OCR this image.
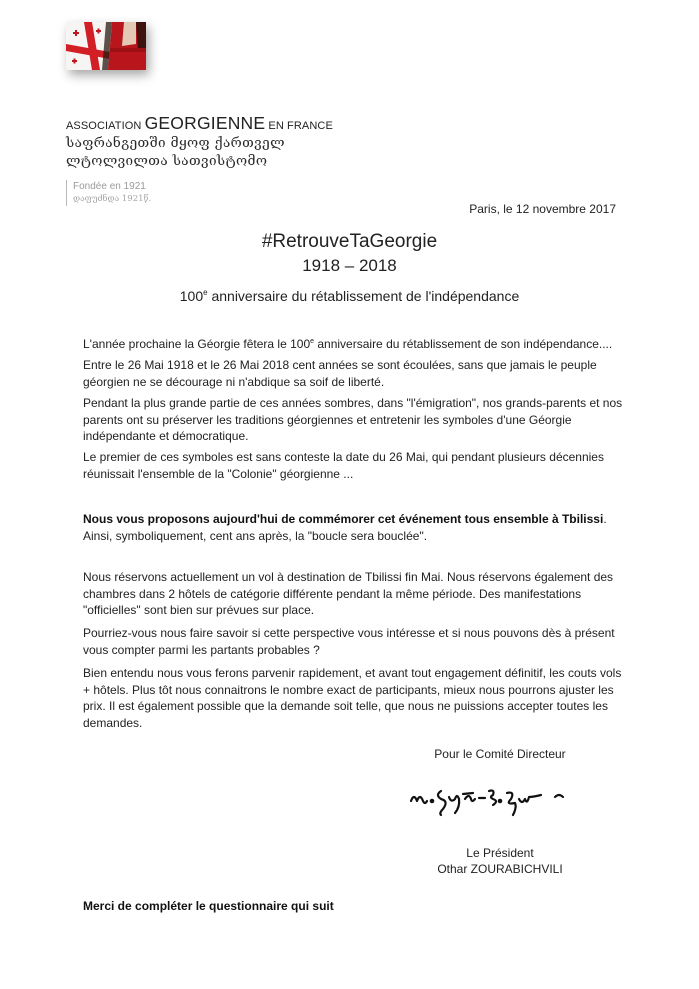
ASSOCIATION GEORGIENNE EN FRANCE
საფრანგეთში მყოფ ქართველ
ლტოლვილთა სათვისტომო
Fondée en 1921
დაფუძნდა 1921წ.
Paris, le 12 novembre 2017
#RetrouveTaGeorgie
1918 – 2018
100e anniversaire du rétablissement de l'indépendance
L'année prochaine la Géorgie fêtera le 100e anniversaire du rétablissement de son indépendance....
Entre le 26 Mai 1918 et le 26 Mai 2018 cent années se sont écoulées, sans que jamais le peuple géorgien ne se décourage ni n'abdique sa soif de liberté.
Pendant la plus grande partie de ces années sombres, dans "l'émigration", nos grands-parents et nos parents ont su préserver les traditions géorgiennes et entretenir les symboles d'une Géorgie indépendante et démocratique.
Le premier de ces symboles est sans conteste la date du 26 Mai, qui pendant plusieurs décennies réunissait l'ensemble de la "Colonie" géorgienne ...
Nous vous proposons aujourd'hui de commémorer cet événement tous ensemble à Tbilissi. Ainsi, symboliquement, cent ans après, la "boucle sera bouclée".
Nous réservons actuellement un vol à destination de Tbilissi fin Mai. Nous réservons également des chambres dans 2 hôtels de catégorie différente pendant la même période. Des manifestations "officielles" sont bien sur prévues sur place.
Pourriez-vous nous faire savoir si cette perspective vous intéresse et si nous pouvons dès à présent vous compter parmi les partants probables ?
Bien entendu nous vous ferons parvenir rapidement, et avant tout engagement définitif, les couts vols + hôtels. Plus tôt nous connaitrons le nombre exact de participants, mieux nous pourrons ajuster les prix. Il est également possible que la demande soit telle, que nous ne puissions accepter toutes les demandes.
Pour le Comité Directeur
Le Président
Othar ZOURABICHVILI
Merci de compléter le questionnaire qui suit
